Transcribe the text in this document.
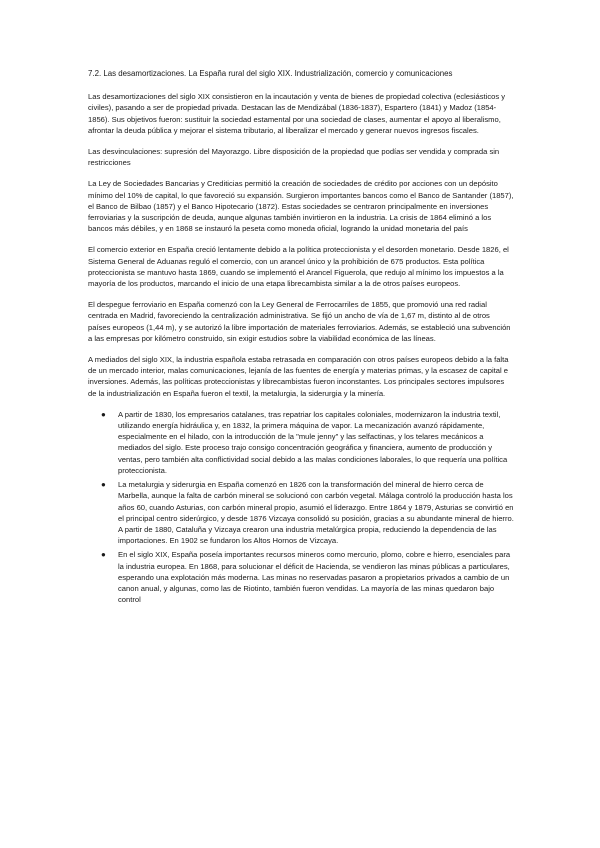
7.2. Las desamortizaciones. La España rural del siglo XIX. Industrialización, comercio y comunicaciones

Las desamortizaciones del siglo XIX consistieron en la incautación y venta de bienes de propiedad colectiva (eclesiásticos y civiles), pasando a ser de propiedad privada. Destacan las de Mendizábal (1836-1837), Espartero (1841) y Madoz (1854-1856). Sus objetivos fueron: sustituir la sociedad estamental por una sociedad de clases, aumentar el apoyo al liberalismo, afrontar la deuda pública y mejorar el sistema tributario, al liberalizar el mercado y generar nuevos ingresos fiscales.

Las desvinculaciones: supresión del Mayorazgo. Libre disposición de la propiedad que podías ser vendida y comprada sin restricciones

La Ley de Sociedades Bancarias y Crediticias permitió la creación de sociedades de crédito por acciones con un depósito mínimo del 10% de capital, lo que favoreció su expansión. Surgieron importantes bancos como el Banco de Santander (1857), el Banco de Bilbao (1857) y el Banco Hipotecario (1872). Estas sociedades se centraron principalmente en inversiones ferroviarias y la suscripción de deuda, aunque algunas también invirtieron en la industria. La crisis de 1864 eliminó a los bancos más débiles, y en 1868 se instauró la peseta como moneda oficial, logrando la unidad monetaria del país

El comercio exterior en España creció lentamente debido a la política proteccionista y el desorden monetario. Desde 1826, el Sistema General de Aduanas reguló el comercio, con un arancel único y la prohibición de 675 productos. Esta política proteccionista se mantuvo hasta 1869, cuando se implementó el Arancel Figuerola, que redujo al mínimo los impuestos a la mayoría de los productos, marcando el inicio de una etapa librecambista similar a la de otros países europeos.

El despegue ferroviario en España comenzó con la Ley General de Ferrocarriles de 1855, que promovió una red radial centrada en Madrid, favoreciendo la centralización administrativa. Se fijó un ancho de vía de 1,67 m, distinto al de otros países europeos (1,44 m), y se autorizó la libre importación de materiales ferroviarios. Además, se estableció una subvención a las empresas por kilómetro construido, sin exigir estudios sobre la viabilidad económica de las líneas.

A mediados del siglo XIX, la industria española estaba retrasada en comparación con otros países europeos debido a la falta de un mercado interior, malas comunicaciones, lejanía de las fuentes de energía y materias primas, y la escasez de capital e inversiones. Además, las políticas proteccionistas y librecambistas fueron inconstantes. Los principales sectores impulsores de la industrialización en España fueron el textil, la metalurgia, la siderurgia y la minería.

● A partir de 1830, los empresarios catalanes, tras repatriar los capitales coloniales, modernizaron la industria textil, utilizando energía hidráulica y, en 1832, la primera máquina de vapor. La mecanización avanzó rápidamente, especialmente en el hilado, con la introducción de la "mule jenny" y las selfactinas, y los telares mecánicos a mediados del siglo. Este proceso trajo consigo concentración geográfica y financiera, aumento de producción y ventas, pero también alta conflictividad social debido a las malas condiciones laborales, lo que requería una política proteccionista.
● La metalurgia y siderurgia en España comenzó en 1826 con la transformación del mineral de hierro cerca de Marbella, aunque la falta de carbón mineral se solucionó con carbón vegetal. Málaga controló la producción hasta los años 60, cuando Asturias, con carbón mineral propio, asumió el liderazgo. Entre 1864 y 1879, Asturias se convirtió en el principal centro siderúrgico, y desde 1876 Vizcaya consolidó su posición, gracias a su abundante mineral de hierro. A partir de 1880, Cataluña y Vizcaya crearon una industria metalúrgica propia, reduciendo la dependencia de las importaciones. En 1902 se fundaron los Altos Hornos de Vizcaya.
● En el siglo XIX, España poseía importantes recursos mineros como mercurio, plomo, cobre e hierro, esenciales para la industria europea. En 1868, para solucionar el déficit de Hacienda, se vendieron las minas públicas a particulares, esperando una explotación más moderna. Las minas no reservadas pasaron a propietarios privados a cambio de un canon anual, y algunas, como las de Riotinto, también fueron vendidas. La mayoría de las minas quedaron bajo control
